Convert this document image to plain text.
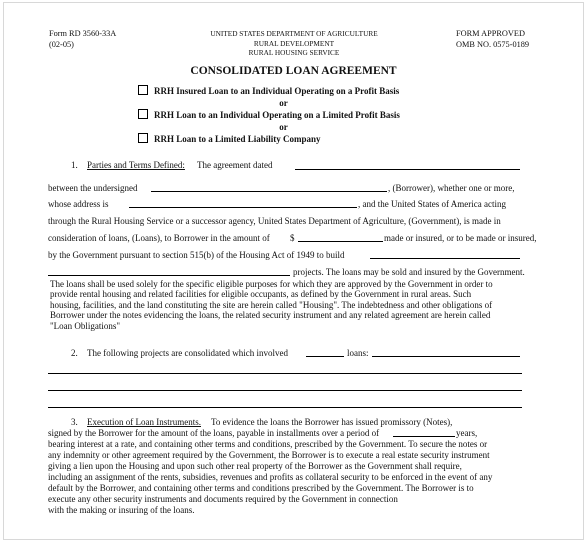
Form RD 3560-33A
(02-05)
UNITED STATES DEPARTMENT OF AGRICULTURE
RURAL DEVELOPMENT
RURAL HOUSING SERVICE
FORM APPROVED
OMB NO. 0575-0189
CONSOLIDATED LOAN AGREEMENT
RRH Insured Loan to an Individual Operating on a Profit Basis
or
RRH Loan to an Individual Operating on a Limited Profit Basis
or
RRH Loan to a Limited Liability Company
1. Parties and Terms Defined: The agreement dated
between the undersigned	, (Borrower), whether one or more,
whose address is	, and the United States of America acting
through the Rural Housing Service or a successor agency, United States Department of Agriculture, (Government), is made in
consideration of loans, (Loans), to Borrower in the amount of $	made or insured, or to be made or insured,
by the Government pursuant to section 515(b) of the Housing Act of 1949 to build
projects. The loans may be sold and insured by the Government.
The loans shall be used solely for the specific eligible purposes for which they are approved by the Government in order to
provide rental housing and related facilities for eligible occupants, as defined by the Government in rural areas. Such
housing, facilities, and the land constituting the site are herein called "Housing". The indebtedness and other obligations of
Borrower under the notes evidencing the loans, the related security instrument and any related agreement are herein called
"Loan Obligations"
2. The following projects are consolidated which involved	loans:
3. Execution of Loan Instruments. To evidence the loans the Borrower has issued promissory (Notes),
signed by the Borrower for the amount of the loans, payable in installments over a period of	years,
bearing interest at a rate, and containing other terms and conditions, prescribed by the Government. To secure the notes or
any indemnity or other agreement required by the Government, the Borrower is to execute a real estate security instrument
giving a lien upon the Housing and upon such other real property of the Borrower as the Government shall require,
including an assignment of the rents, subsidies, revenues and profits as collateral security to be enforced in the event of any
default by the Borrower, and containing other terms and conditions prescribed by the Government. The Borrower is to
execute any other security instruments and documents required by the Government in connection
with the making or insuring of the loans.
